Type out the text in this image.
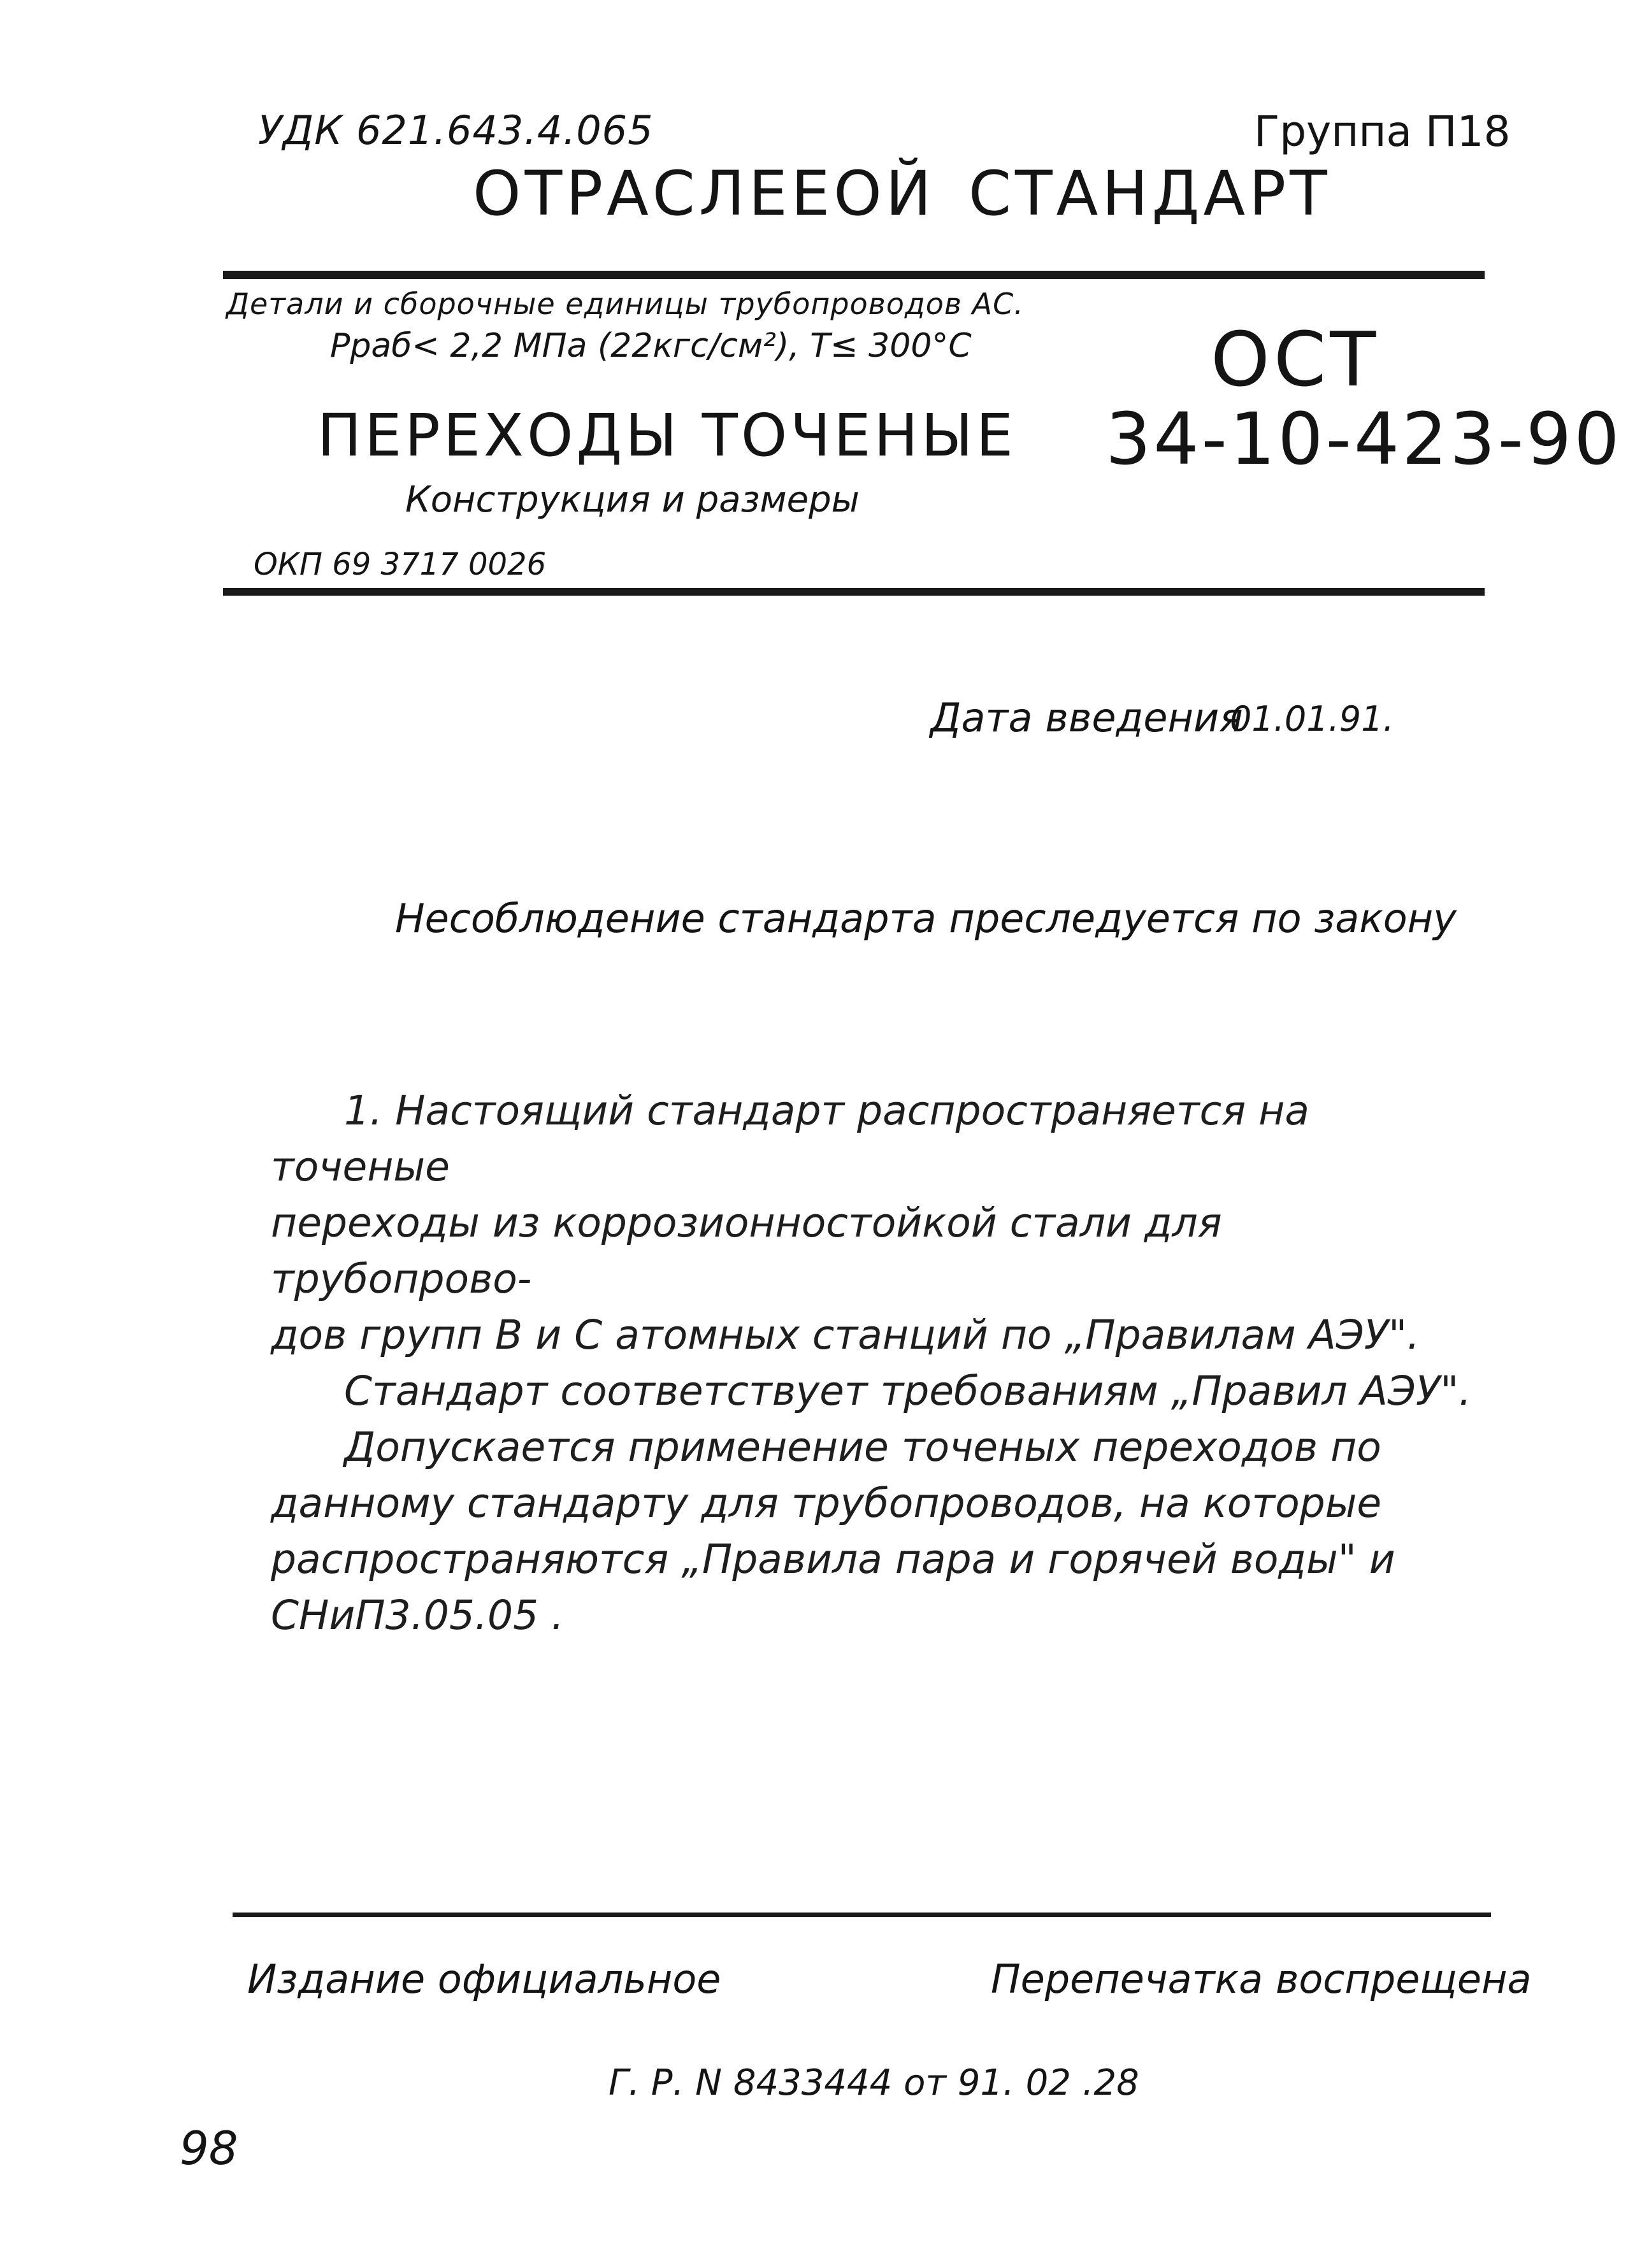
УДК 621.643.4.065	Группа П18
ОТРАСЛЕЕОЙ СТАНДАРТ
Детали и сборочные единицы трубопроводов АС.
Рраб< 2,2 МПа (22кгс/см²), Т≤ 300°С	ОСТ
34-10-423-90
ПЕРЕХОДЫ ТОЧЕНЫЕ
Конструкция и размеры
ОКП 69 3717 0026
Дата введения
01.01.91.
Несоблюдение стандарта преследуется по закону

1. Настоящий стандарт распространяется на точеные

переходы из коррозионностойкой стали для трубопрово-

дов групп В и С атомных станций по „Правилам АЭУ".

Стандарт соответствует требованиям „Правил АЭУ".

Допускается применение точеных переходов по

данному стандарту для трубопроводов, на которые

распространяются „Правила пара и горячей воды" и

СНиП3.05.05 .

Издание официальное	Перепечатка воспрещена
Г. Р. N 8433444 от 91. 02 .28
98
